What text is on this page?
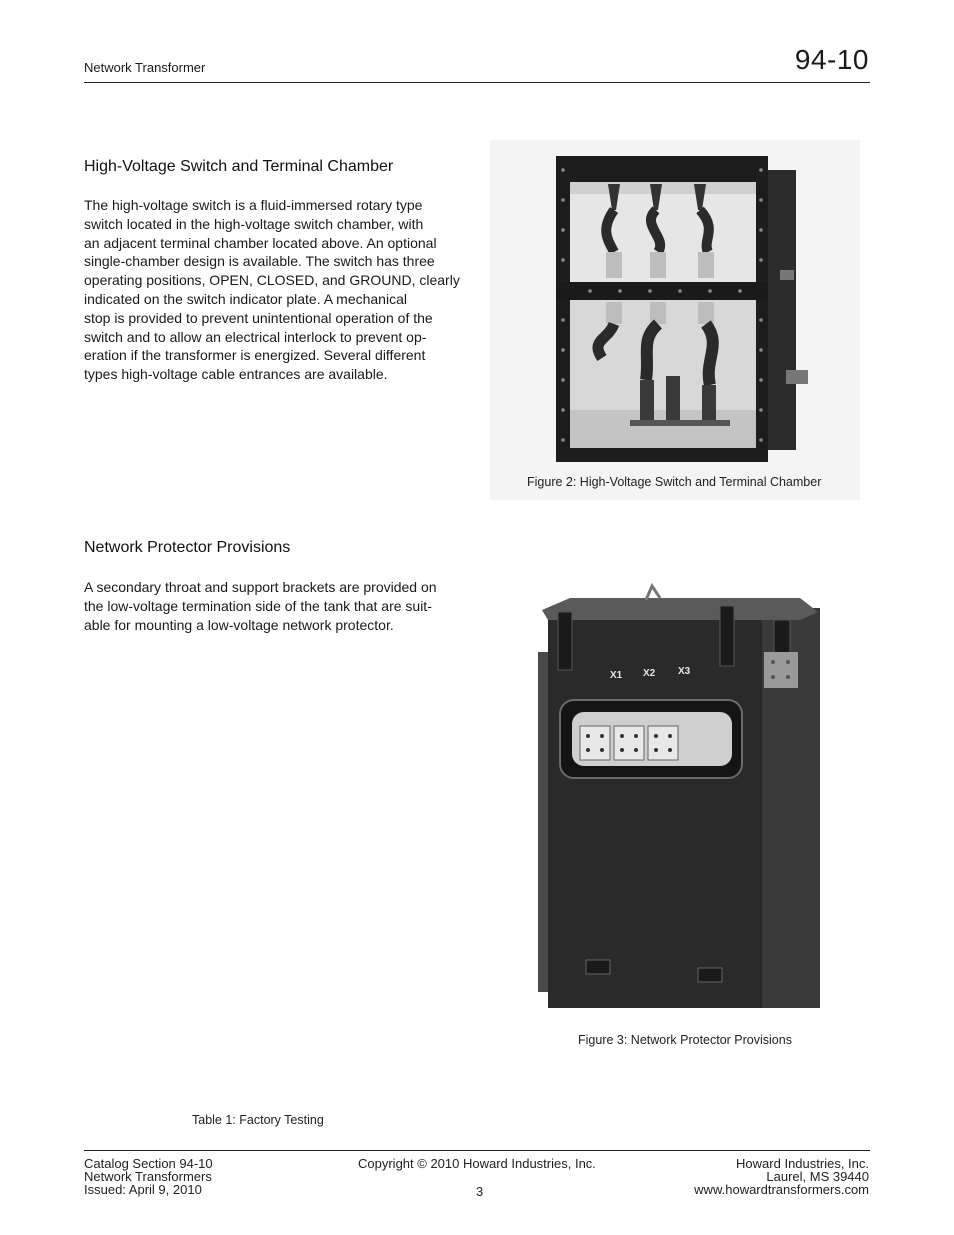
Network Transformer	94-10
High-Voltage Switch and Terminal Chamber

The high-voltage switch is a fluid-immersed rotary type

switch located in the high-voltage switch chamber, with

an adjacent terminal chamber located above. An optional

single-chamber design is available. The switch has three

operating positions, OPEN, CLOSED, and GROUND, clearly

indicated on the switch indicator plate. A mechanical

stop is provided to prevent unintentional operation of the

switch and to allow an electrical interlock to prevent op-

eration if the transformer is energized. Several different

types high-voltage cable entrances are available.

Figure 2: High-Voltage Switch and Terminal Chamber
Network Protector Provisions

A secondary throat and support brackets are provided on

the low-voltage termination side of the tank that are suit-

able for mounting a low-voltage network protector.

X1 X2 X3
Figure 3: Network Protector Provisions
Table 1: Factory Testing
Catalog Section 94-10
Network Transformers
Issued: April 9, 2010
Copyright © 2010 Howard Industries, Inc.
3
Howard Industries, Inc.
Laurel, MS 39440
www.howardtransformers.com
